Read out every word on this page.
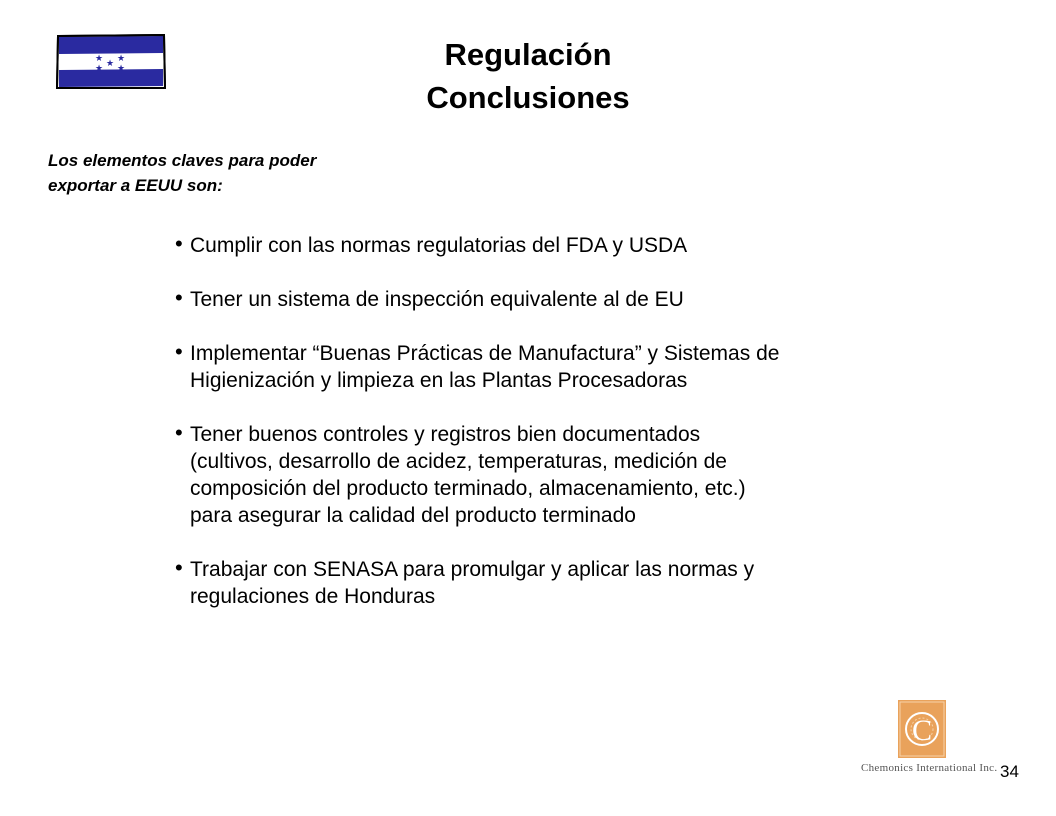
★ ★
★
★ ★	Regulación
Conclusiones
Los elementos claves para poder
exportar a EEUU son:
• Cumplir con las normas regulatorias del FDA y USDA
• Tener un sistema de inspección equivalente al de EU
• Implementar “Buenas Prácticas de Manufactura” y Sistemas de
Higienización y limpieza en las Plantas Procesadoras
• Tener buenos controles y registros bien documentados
(cultivos, desarrollo de acidez, temperaturas, medición de
composición del producto terminado, almacenamiento, etc.)
para asegurar la calidad del producto terminado
• Trabajar con SENASA para promulgar y aplicar las normas y
regulaciones de Honduras
C
Chemonics International Inc. 34
